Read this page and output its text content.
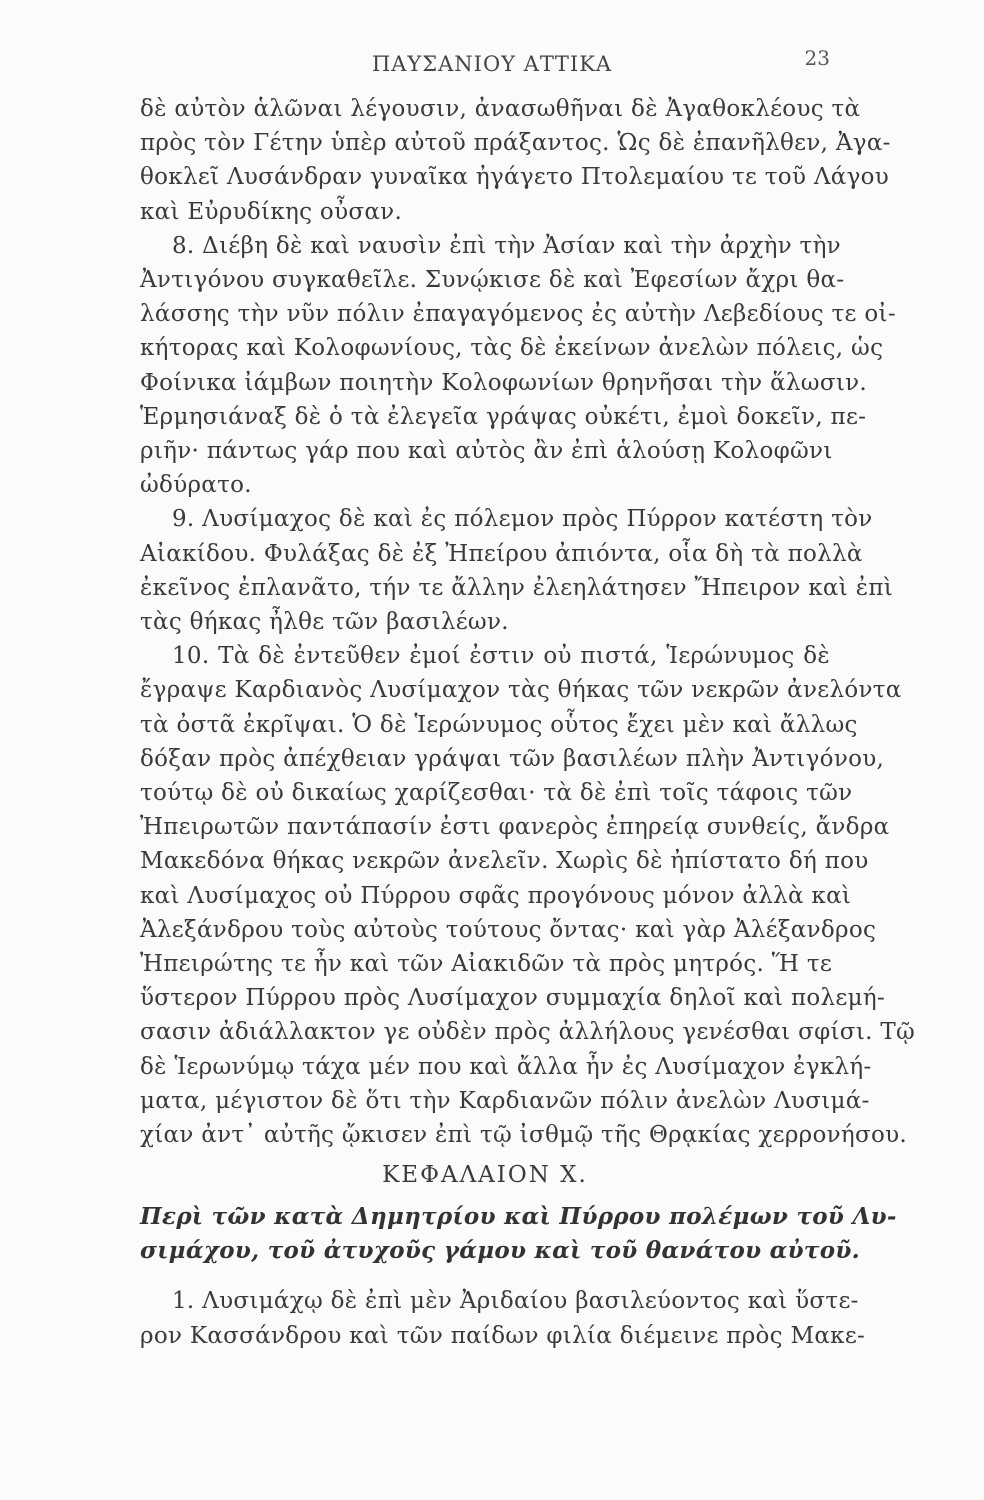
ΠΑΥΣΑΝΙΟΥ ΑΤΤΙΚΑ	23
δὲ αὐτὸν ἁλῶναι λέγουσιν, ἀνασωθῆναι δὲ Ἀγαθοκλέους τὰ
πρὸς τὸν Γέτην ὑπὲρ αὐτοῦ πράξαντος. Ὡς δὲ ἐπανῆλθεν, Ἀγα-
θοκλεῖ Λυσάνδραν γυναῖκα ἠγάγετο Πτολεμαίου τε τοῦ Λάγου
καὶ Εὐρυδίκης οὖσαν.
8. Διέβη δὲ καὶ ναυσὶν ἐπὶ τὴν Ἀσίαν καὶ τὴν ἀρχὴν τὴν
Ἀντιγόνου συγκαθεῖλε. Συνῴκισε δὲ καὶ Ἐφεσίων ἄχρι θα-
λάσσης τὴν νῦν πόλιν ἐπαγαγόμενος ἐς αὐτὴν Λεβεδίους τε οἰ-
κήτορας καὶ Κολοφωνίους, τὰς δὲ ἐκείνων ἀνελὼν πόλεις, ὡς
Φοίνικα ἰάμβων ποιητὴν Κολοφωνίων θρηνῆσαι τὴν ἅλωσιν.
Ἑρμησιάναξ δὲ ὁ τὰ ἐλεγεῖα γράψας οὐκέτι, ἐμοὶ δοκεῖν, πε-
ριῆν· πάντως γάρ που καὶ αὐτὸς ἂν ἐπὶ ἁλούσῃ Κολοφῶνι
ὠδύρατο.
9. Λυσίμαχος δὲ καὶ ἐς πόλεμον πρὸς Πύρρον κατέστη τὸν
Αἰακίδου. Φυλάξας δὲ ἐξ Ἠπείρου ἀπιόντα, οἷα δὴ τὰ πολλὰ
ἐκεῖνος ἐπλανᾶτο, τήν τε ἄλλην ἐλεηλάτησεν Ἤπειρον καὶ ἐπὶ
τὰς θήκας ἦλθε τῶν βασιλέων.
10. Τὰ δὲ ἐντεῦθεν ἐμοί ἐστιν οὐ πιστά, Ἱερώνυμος δὲ
ἔγραψε Καρδιανὸς Λυσίμαχον τὰς θήκας τῶν νεκρῶν ἀνελόντα
τὰ ὀστᾶ ἐκρῖψαι. Ὁ δὲ Ἱερώνυμος οὗτος ἔχει μὲν καὶ ἄλλως
δόξαν πρὸς ἀπέχθειαν γράψαι τῶν βασιλέων πλὴν Ἀντιγόνου,
τούτῳ δὲ οὐ δικαίως χαρίζεσθαι· τὰ δὲ ἐπὶ τοῖς τάφοις τῶν
Ἠπειρωτῶν παντάπασίν ἐστι φανερὸς ἐπηρείᾳ συνθείς, ἄνδρα
Μακεδόνα θήκας νεκρῶν ἀνελεῖν. Χωρὶς δὲ ἠπίστατο δή που
καὶ Λυσίμαχος οὐ Πύρρου σφᾶς προγόνους μόνον ἀλλὰ καὶ
Ἀλεξάνδρου τοὺς αὐτοὺς τούτους ὄντας· καὶ γὰρ Ἀλέξανδρος
Ἠπειρώτης τε ἦν καὶ τῶν Αἰακιδῶν τὰ πρὸς μητρός. Ἥ τε
ὕστερον Πύρρου πρὸς Λυσίμαχον συμμαχία δηλοῖ καὶ πολεμή-
σασιν ἀδιάλλακτον γε οὐδὲν πρὸς ἀλλήλους γενέσθαι σφίσι. Τῷ
δὲ Ἱερωνύμῳ τάχα μέν που καὶ ἄλλα ἦν ἐς Λυσίμαχον ἐγκλή-
ματα, μέγιστον δὲ ὅτι τὴν Καρδιανῶν πόλιν ἀνελὼν Λυσιμά-
χίαν ἀντ᾽ αὐτῆς ᾤκισεν ἐπὶ τῷ ἰσθμῷ τῆς Θρᾳκίας χερρονήσου.
ΚΕΦΑΛΑΙΟΝ Χ.
Περὶ τῶν κατὰ Δημητρίου καὶ Πύρρου πολέμων τοῦ Λυ-
σιμάχου, τοῦ ἀτυχοῦς γάμου καὶ τοῦ θανάτου αὐτοῦ.
1. Λυσιμάχῳ δὲ ἐπὶ μὲν Ἀριδαίου βασιλεύοντος καὶ ὕστε-
ρον Κασσάνδρου καὶ τῶν παίδων φιλία διέμεινε πρὸς Μακε-
